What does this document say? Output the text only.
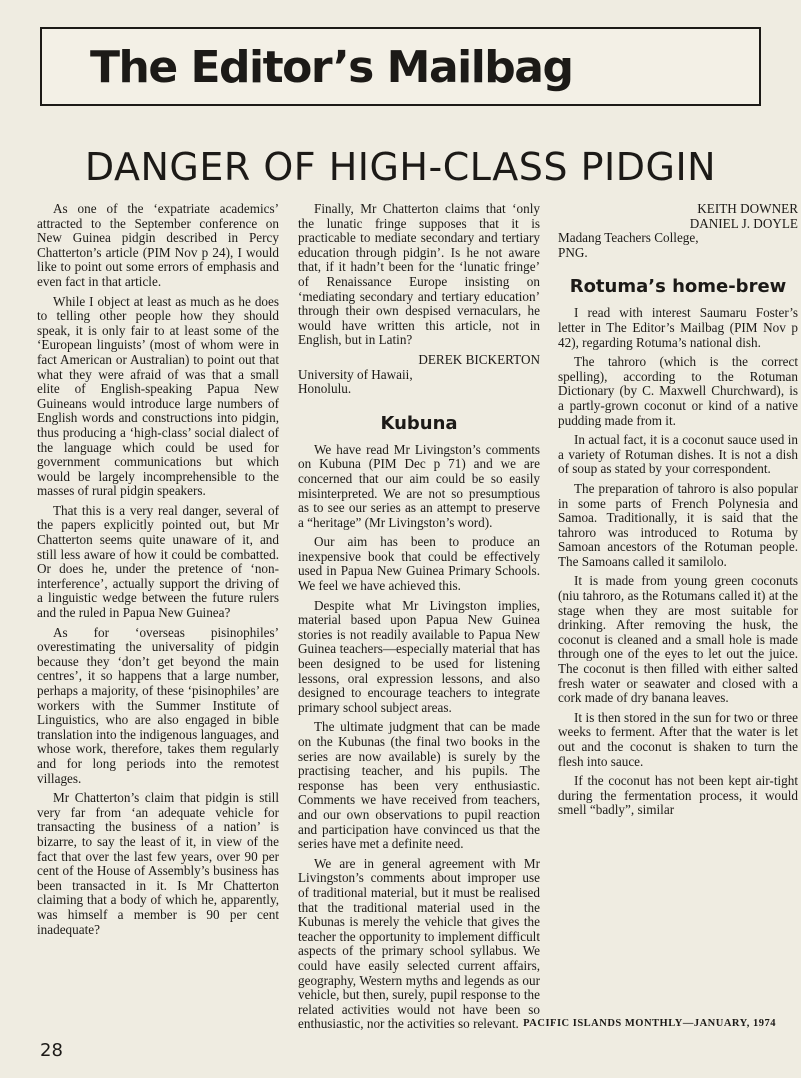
The Editor’s Mailbag
DANGER OF HIGH-CLASS PIDGIN

As one of the ‘expatriate academics’ attracted to the September conference on New Guinea pidgin described in Percy Chatterton’s article (PIM Nov p 24), I would like to point out some errors of emphasis and even fact in that article.

While I object at least as much as he does to telling other people how they should speak, it is only fair to at least some of the ‘European linguists’ (most of whom were in fact American or Australian) to point out that what they were afraid of was that a small elite of English-speaking Papua New Guineans would introduce large numbers of English words and constructions into pidgin, thus producing a ‘high-class’ social dialect of the language which could be used for government communications but which would be largely incomprehensible to the masses of rural pidgin speakers.

That this is a very real danger, several of the papers explicitly pointed out, but Mr Chatterton seems quite unaware of it, and still less aware of how it could be combatted. Or does he, under the pretence of ‘non-interference’, actually support the driving of a linguistic wedge between the future rulers and the ruled in Papua New Guinea?

As for ‘overseas pisinophiles’ overestimating the universality of pidgin because they ‘don’t get beyond the main centres’, it so happens that a large number, perhaps a majority, of these ‘pisinophiles’ are workers with the Summer Institute of Linguistics, who are also engaged in bible translation into the indigenous languages, and whose work, therefore, takes them regularly and for long periods into the remotest villages.

Mr Chatterton’s claim that pidgin is still very far from ‘an adequate vehicle for transacting the business of a nation’ is bizarre, to say the least of it, in view of the fact that over the last few years, over 90 per cent of the House of Assembly’s business has been transacted in it. Is Mr Chatterton claiming that a body of which he, apparently, was himself a member is 90 per cent inadequate?

Finally, Mr Chatterton claims that ‘only the lunatic fringe supposes that it is practicable to mediate secondary and tertiary education through pidgin’. Is he not aware that, if it hadn’t been for the ‘lunatic fringe’ of Renaissance Europe insisting on ‘mediating secondary and tertiary education’ through their own despised vernaculars, he would have written this article, not in English, but in Latin?

DEREK BICKERTON

University of Hawaii,

Honolulu.

Kubuna

We have read Mr Livingston’s comments on Kubuna (PIM Dec p 71) and we are concerned that our aim could be so easily misinterpreted. We are not so presumptious as to see our series as an attempt to preserve a “heritage” (Mr Livingston’s word).

Our aim has been to produce an inexpensive book that could be effectively used in Papua New Guinea Primary Schools. We feel we have achieved this.

Despite what Mr Livingston implies, material based upon Papua New Guinea stories is not readily available to Papua New Guinea teachers—especially material that has been designed to be used for listening lessons, oral expression lessons, and also designed to encourage teachers to integrate primary school subject areas.

The ultimate judgment that can be made on the Kubunas (the final two books in the series are now available) is surely by the practising teacher, and his pupils. The response has been very enthusiastic. Comments we have received from teachers, and our own observations to pupil reaction and participation have convinced us that the series have met a definite need.

We are in general agreement with Mr Livingston’s comments about improper use of traditional material, but it must be realised that the traditional material used in the Kubunas is merely the vehicle that gives the teacher the opportunity to implement difficult aspects of the primary school syllabus. We could have easily selected current affairs, geography, Western myths and legends as our vehicle, but then, surely, pupil response to the related activities would not have been so enthusiastic, nor the activities so relevant.

KEITH DOWNER

DANIEL J. DOYLE

Madang Teachers College,

PNG.

Rotuma’s home-brew

I read with interest Saumaru Foster’s letter in The Editor’s Mailbag (PIM Nov p 42), regarding Rotuma’s national dish.

The tahroro (which is the correct spelling), according to the Rotuman Dictionary (by C. Maxwell Churchward), is a partly-grown coconut or kind of a native pudding made from it.

In actual fact, it is a coconut sauce used in a variety of Rotuman dishes. It is not a dish of soup as stated by your correspondent.

The preparation of tahroro is also popular in some parts of French Polynesia and Samoa. Traditionally, it is said that the tahroro was introduced to Rotuma by Samoan ancestors of the Rotuman people. The Samoans called it samilolo.

It is made from young green coconuts (niu tahroro, as the Rotumans called it) at the stage when they are most suitable for drinking. After removing the husk, the coconut is cleaned and a small hole is made through one of the eyes to let out the juice. The coconut is then filled with either salted fresh water or seawater and closed with a cork made of dry banana leaves.

It is then stored in the sun for two or three weeks to ferment. After that the water is let out and the coconut is shaken to turn the flesh into sauce.

If the coconut has not been kept air-tight during the fermentation process, it would smell “badly”, similar

28
PACIFIC ISLANDS MONTHLY—JANUARY, 1974
